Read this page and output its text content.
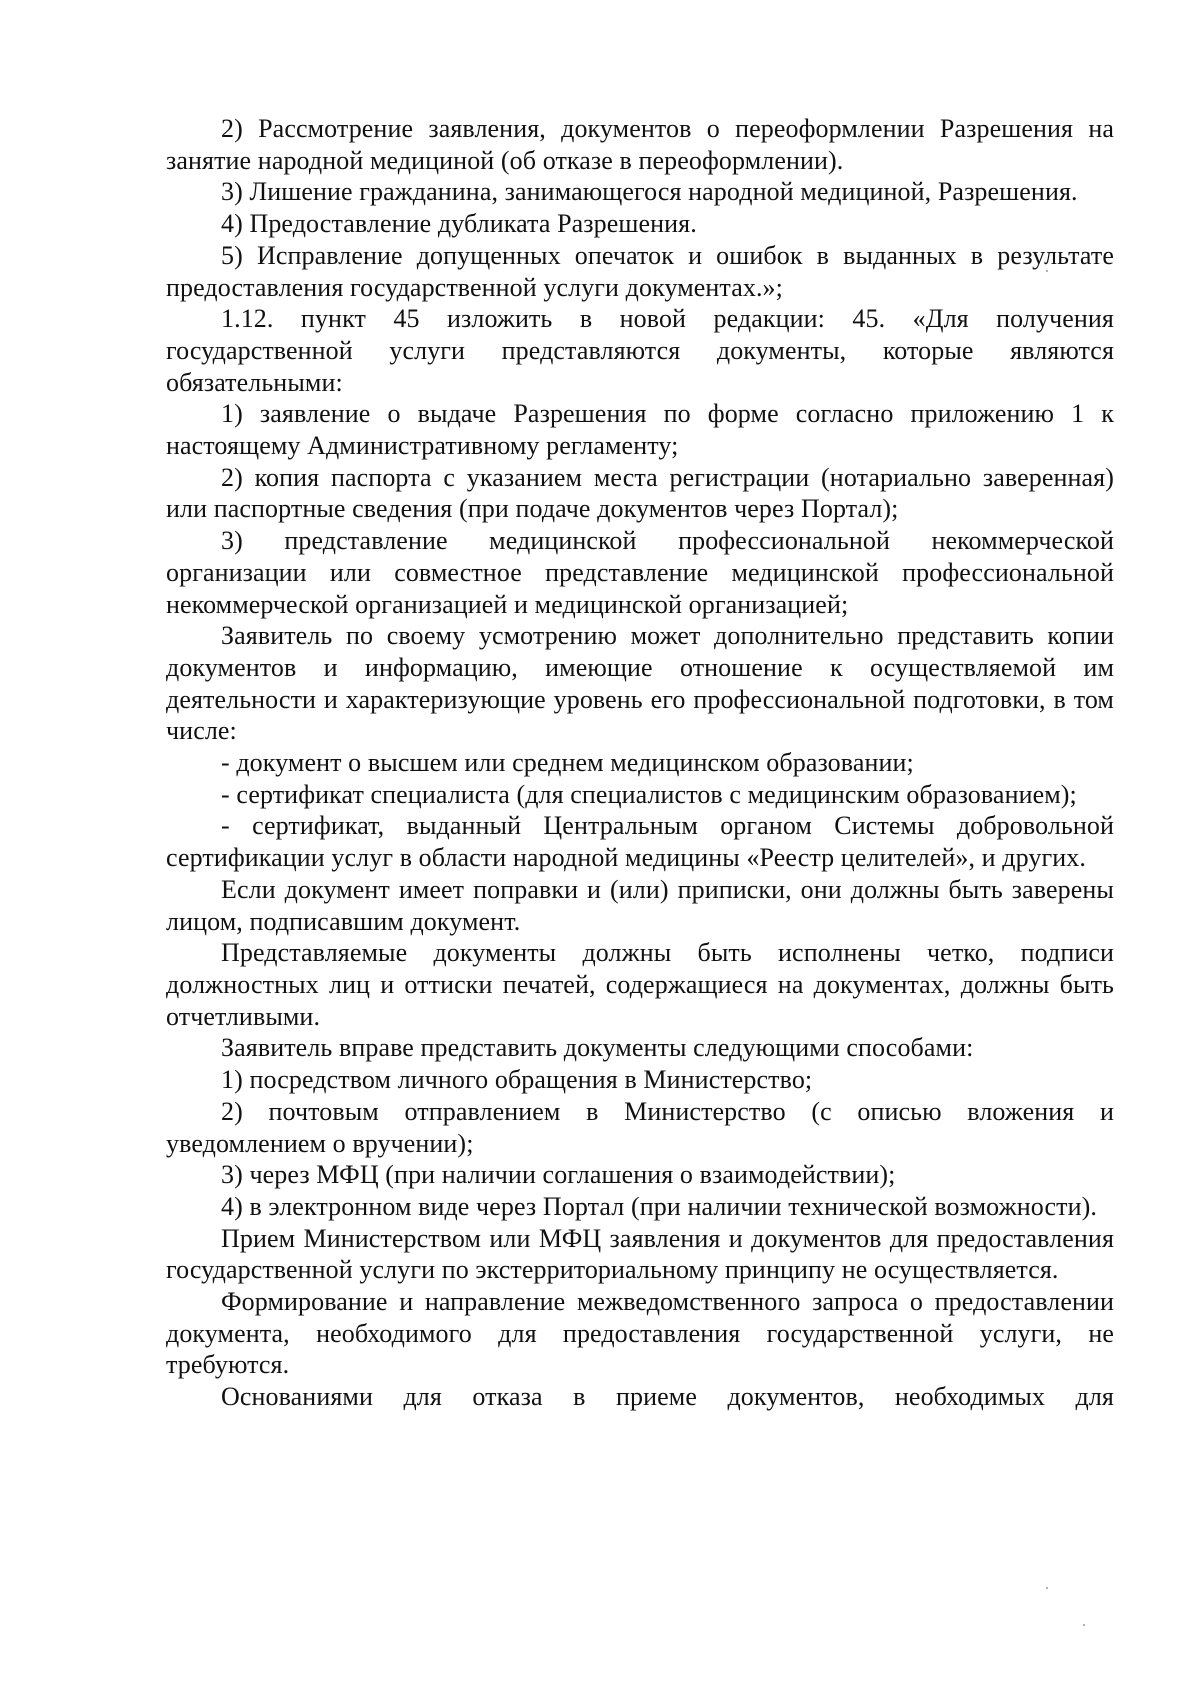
2) Рассмотрение заявления, документов о переоформлении Разрешения на занятие народной медициной (об отказе в переоформлении).

3) Лишение гражданина, занимающегося народной медициной, Разрешения.

4) Предоставление дубликата Разрешения.

5) Исправление допущенных опечаток и ошибок в выданных в результате предоставления государственной услуги документах.»;

1.12. пункт 45 изложить в новой редакции: 45. «Для получения государственной услуги представляются документы, которые являются обязательными:

1) заявление о выдаче Разрешения по форме согласно приложению 1 к настоящему Административному регламенту;

2) копия паспорта с указанием места регистрации (нотариально заверенная) или паспортные сведения (при подаче документов через Портал);

3) представление медицинской профессиональной некоммерческой организации или совместное представление медицинской профессиональной некоммерческой организацией и медицинской организацией;

Заявитель по своему усмотрению может дополнительно представить копии документов и информацию, имеющие отношение к осуществляемой им деятельности и характеризующие уровень его профессиональной подготовки, в том числе:

- документ о высшем или среднем медицинском образовании;

- сертификат специалиста (для специалистов с медицинским образованием);

- сертификат, выданный Центральным органом Системы добровольной сертификации услуг в области народной медицины «Реестр целителей», и других.

Если документ имеет поправки и (или) приписки, они должны быть заверены лицом, подписавшим документ.

Представляемые документы должны быть исполнены четко, подписи должностных лиц и оттиски печатей, содержащиеся на документах, должны быть отчетливыми.

Заявитель вправе представить документы следующими способами:

1) посредством личного обращения в Министерство;

2) почтовым отправлением в Министерство (с описью вложения и уведомлением о вручении);

3) через МФЦ (при наличии соглашения о взаимодействии);

4) в электронном виде через Портал (при наличии технической возможности).

Прием Министерством или МФЦ заявления и документов для предоставления государственной услуги по экстерриториальному принципу не осуществляется.

Формирование и направление межведомственного запроса о предоставлении документа, необходимого для предоставления государственной услуги, не требуются.

Основаниями для отказа в приеме документов, необходимых для
